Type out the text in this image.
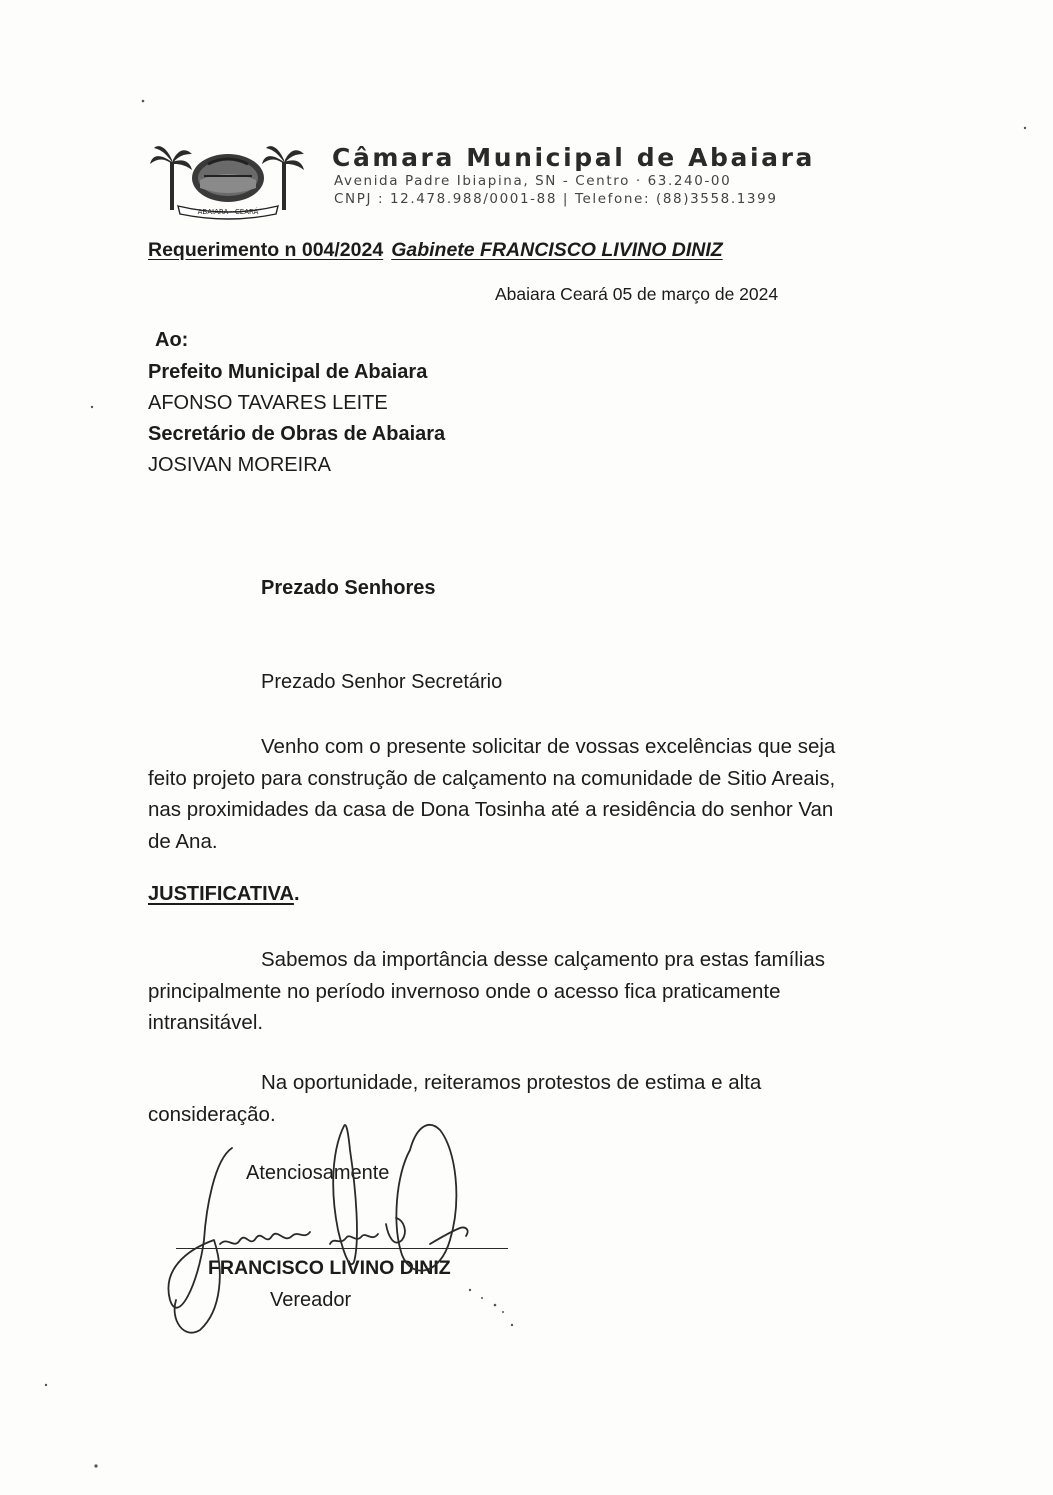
ABAIARA · CEARÁ
Câmara Municipal de Abaiara
Avenida Padre Ibiapina, SN - Centro · 63.240-00
CNPJ : 12.478.988/0001-88 | Telefone: (88)3558.1399
Requerimento n 004/2024 Gabinete FRANCISCO LIVINO DINIZ
Abaiara Ceará 05 de março de 2024
Ao:
Prefeito Municipal de Abaiara
AFONSO TAVARES LEITE
Secretário de Obras de Abaiara
JOSIVAN MOREIRA
Prezado Senhores
Prezado Senhor Secretário
Venho com o presente solicitar de vossas excelências que seja
feito projeto para construção de calçamento na comunidade de Sitio Areais,
nas proximidades da casa de Dona Tosinha até a residência do senhor Van
de Ana.
JUSTIFICATIVA.
Sabemos da importância desse calçamento pra estas famílias
principalmente no período invernoso onde o acesso fica praticamente
intransitável.
Na oportunidade, reiteramos protestos de estima e alta
consideração.
Atenciosamente
FRANCISCO LIVINO DINIZ
Vereador
